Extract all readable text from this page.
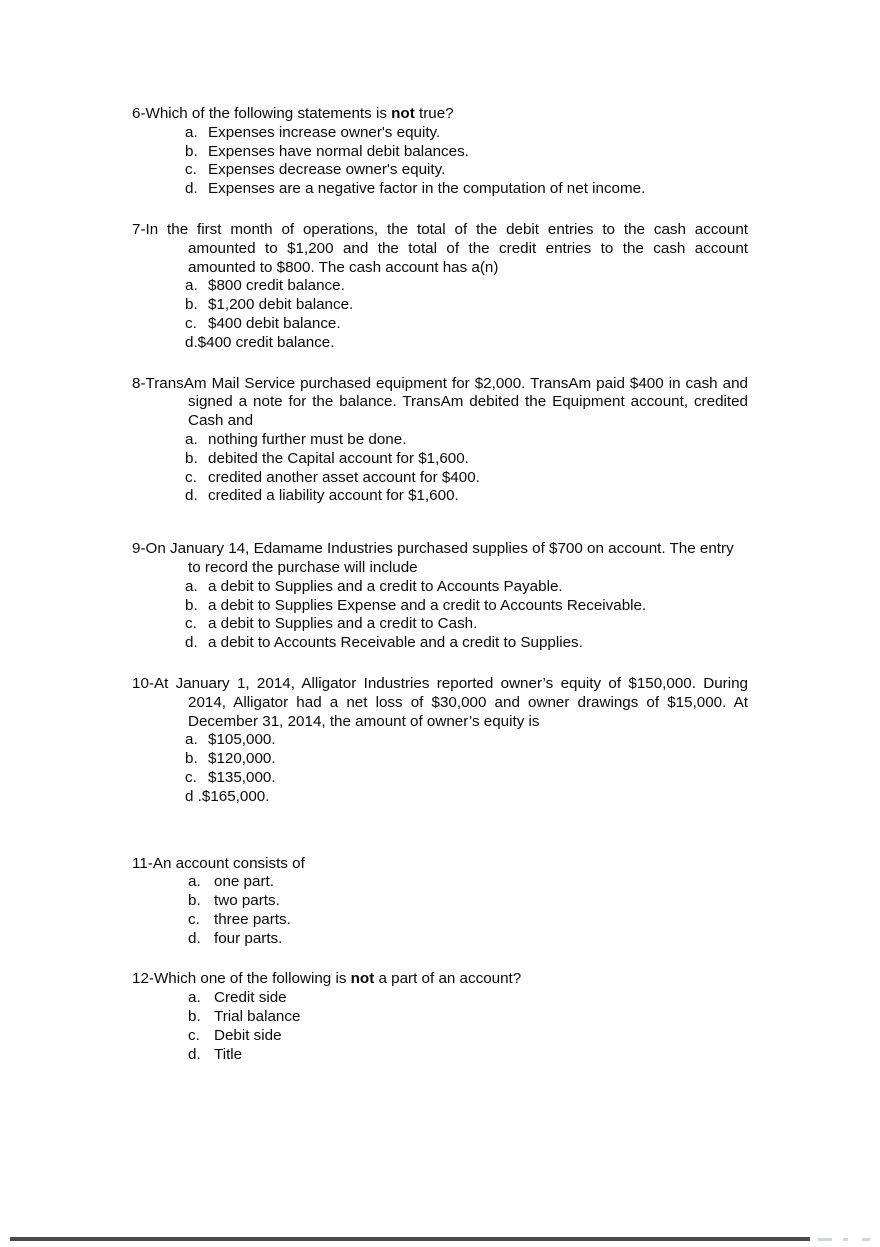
6-Which of the following statements is not true?

a. Expenses increase owner's equity.
b. Expenses have normal debit balances.
c. Expenses decrease owner's equity.
d. Expenses are a negative factor in the computation of net income.

7-In the first month of operations, the total of the debit entries to the cash account amounted to $1,200 and the total of the credit entries to the cash account amounted to $800. The cash account has a(n)

a. $800 credit balance.
b. $1,200 debit balance.
c. $400 debit balance.
d.$400 credit balance.

8-TransAm Mail Service purchased equipment for $2,000. TransAm paid $400 in cash and signed a note for the balance. TransAm debited the Equipment account, credited Cash and

a. nothing further must be done.
b. debited the Capital account for $1,600.
c. credited another asset account for $400.
d. credited a liability account for $1,600.

9-On January 14, Edamame Industries purchased supplies of $700 on account. The entry to record the purchase will include

a. a debit to Supplies and a credit to Accounts Payable.
b. a debit to Supplies Expense and a credit to Accounts Receivable.
c. a debit to Supplies and a credit to Cash.
d. a debit to Accounts Receivable and a credit to Supplies.

10-At January 1, 2014, Alligator Industries reported owner’s equity of $150,000. During 2014, Alligator had a net loss of $30,000 and owner drawings of $15,000. At December 31, 2014, the amount of owner’s equity is

a. $105,000.
b. $120,000.
c. $135,000.
d .$165,000.

11-An account consists of

a. one part.
b. two parts.
c. three parts.
d. four parts.

12-Which one of the following is not a part of an account?

a. Credit side
b. Trial balance
c. Debit side
d. Title
